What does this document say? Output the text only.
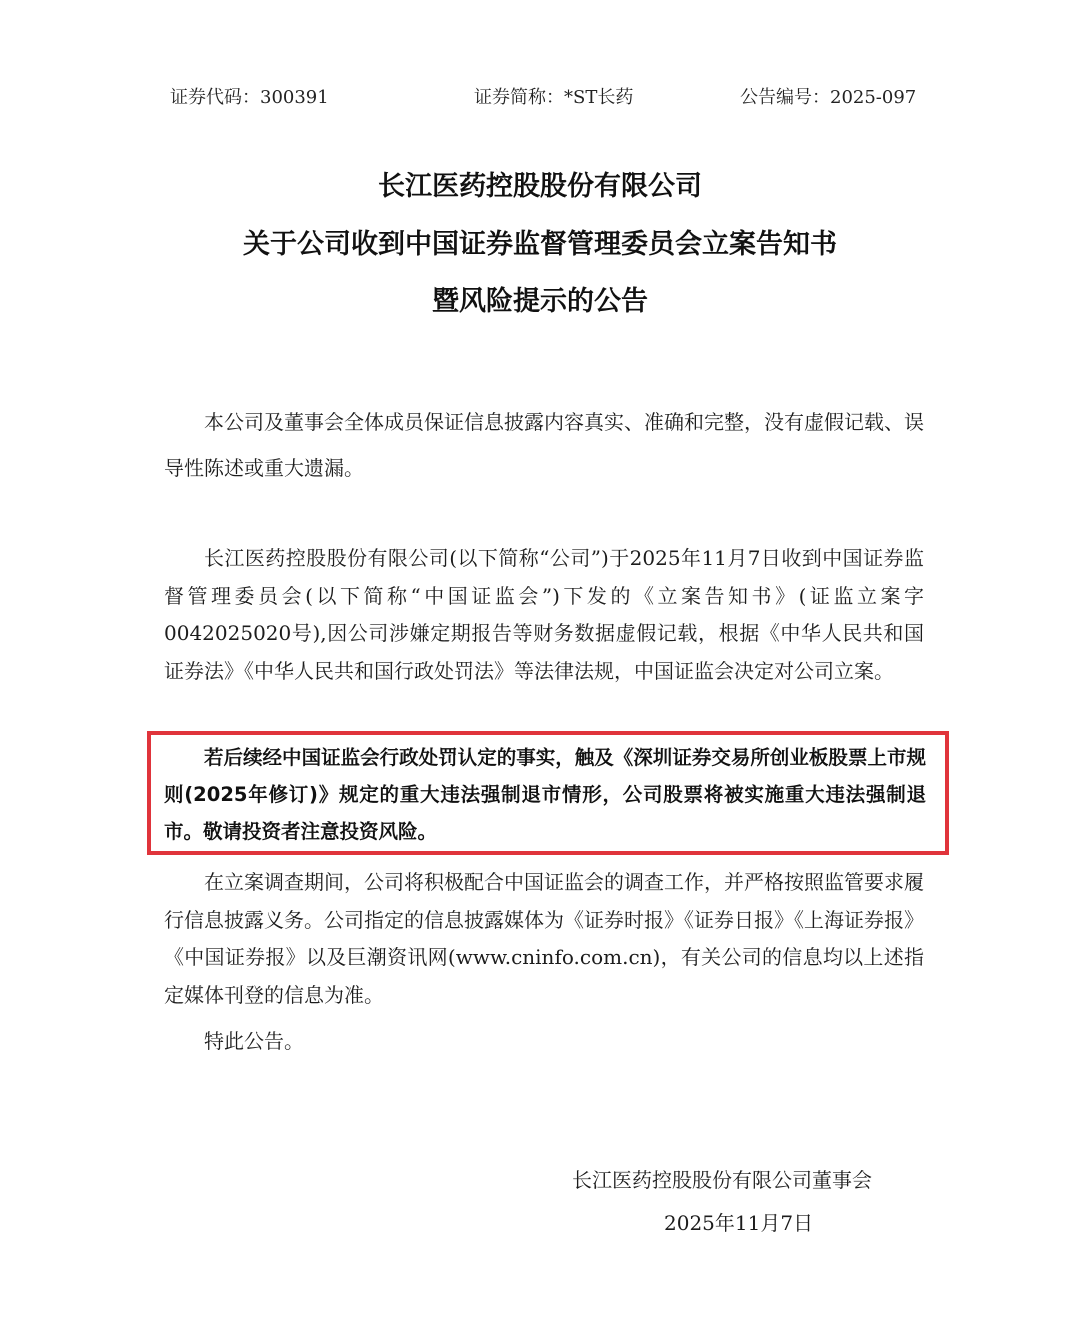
证券代码：300391	证券简称：*ST长药	公告编号：2025-097
长江医药控股股份有限公司
关于公司收到中国证券监督管理委员会立案告知书
暨风险提示的公告
本公司及董事会全体成员保证信息披露内容真实、准确和完整，没有虚假记载、误导性陈述或重大遗漏。
长江医药控股股份有限公司(以下简称“公司”)于2025年11月7日收到中国证券监督管理委员会(以下简称“中国证监会”)下发的《立案告知书》(证监立案字0042025020号),因公司涉嫌定期报告等财务数据虚假记载，根据《中华人民共和国证券法》《中华人民共和国行政处罚法》等法律法规，中国证监会决定对公司立案。
若后续经中国证监会行政处罚认定的事实，触及《深圳证券交易所创业板股票上市规则(2025年修订)》规定的重大违法强制退市情形，公司股票将被实施重大违法强制退市。敬请投资者注意投资风险。
在立案调查期间，公司将积极配合中国证监会的调查工作，并严格按照监管要求履行信息披露义务。公司指定的信息披露媒体为《证券时报》《证券日报》《上海证券报》《中国证券报》以及巨潮资讯网(www.cninfo.com.cn)，有关公司的信息均以上述指定媒体刊登的信息为准。
特此公告。
长江医药控股股份有限公司董事会
2025年11月7日
